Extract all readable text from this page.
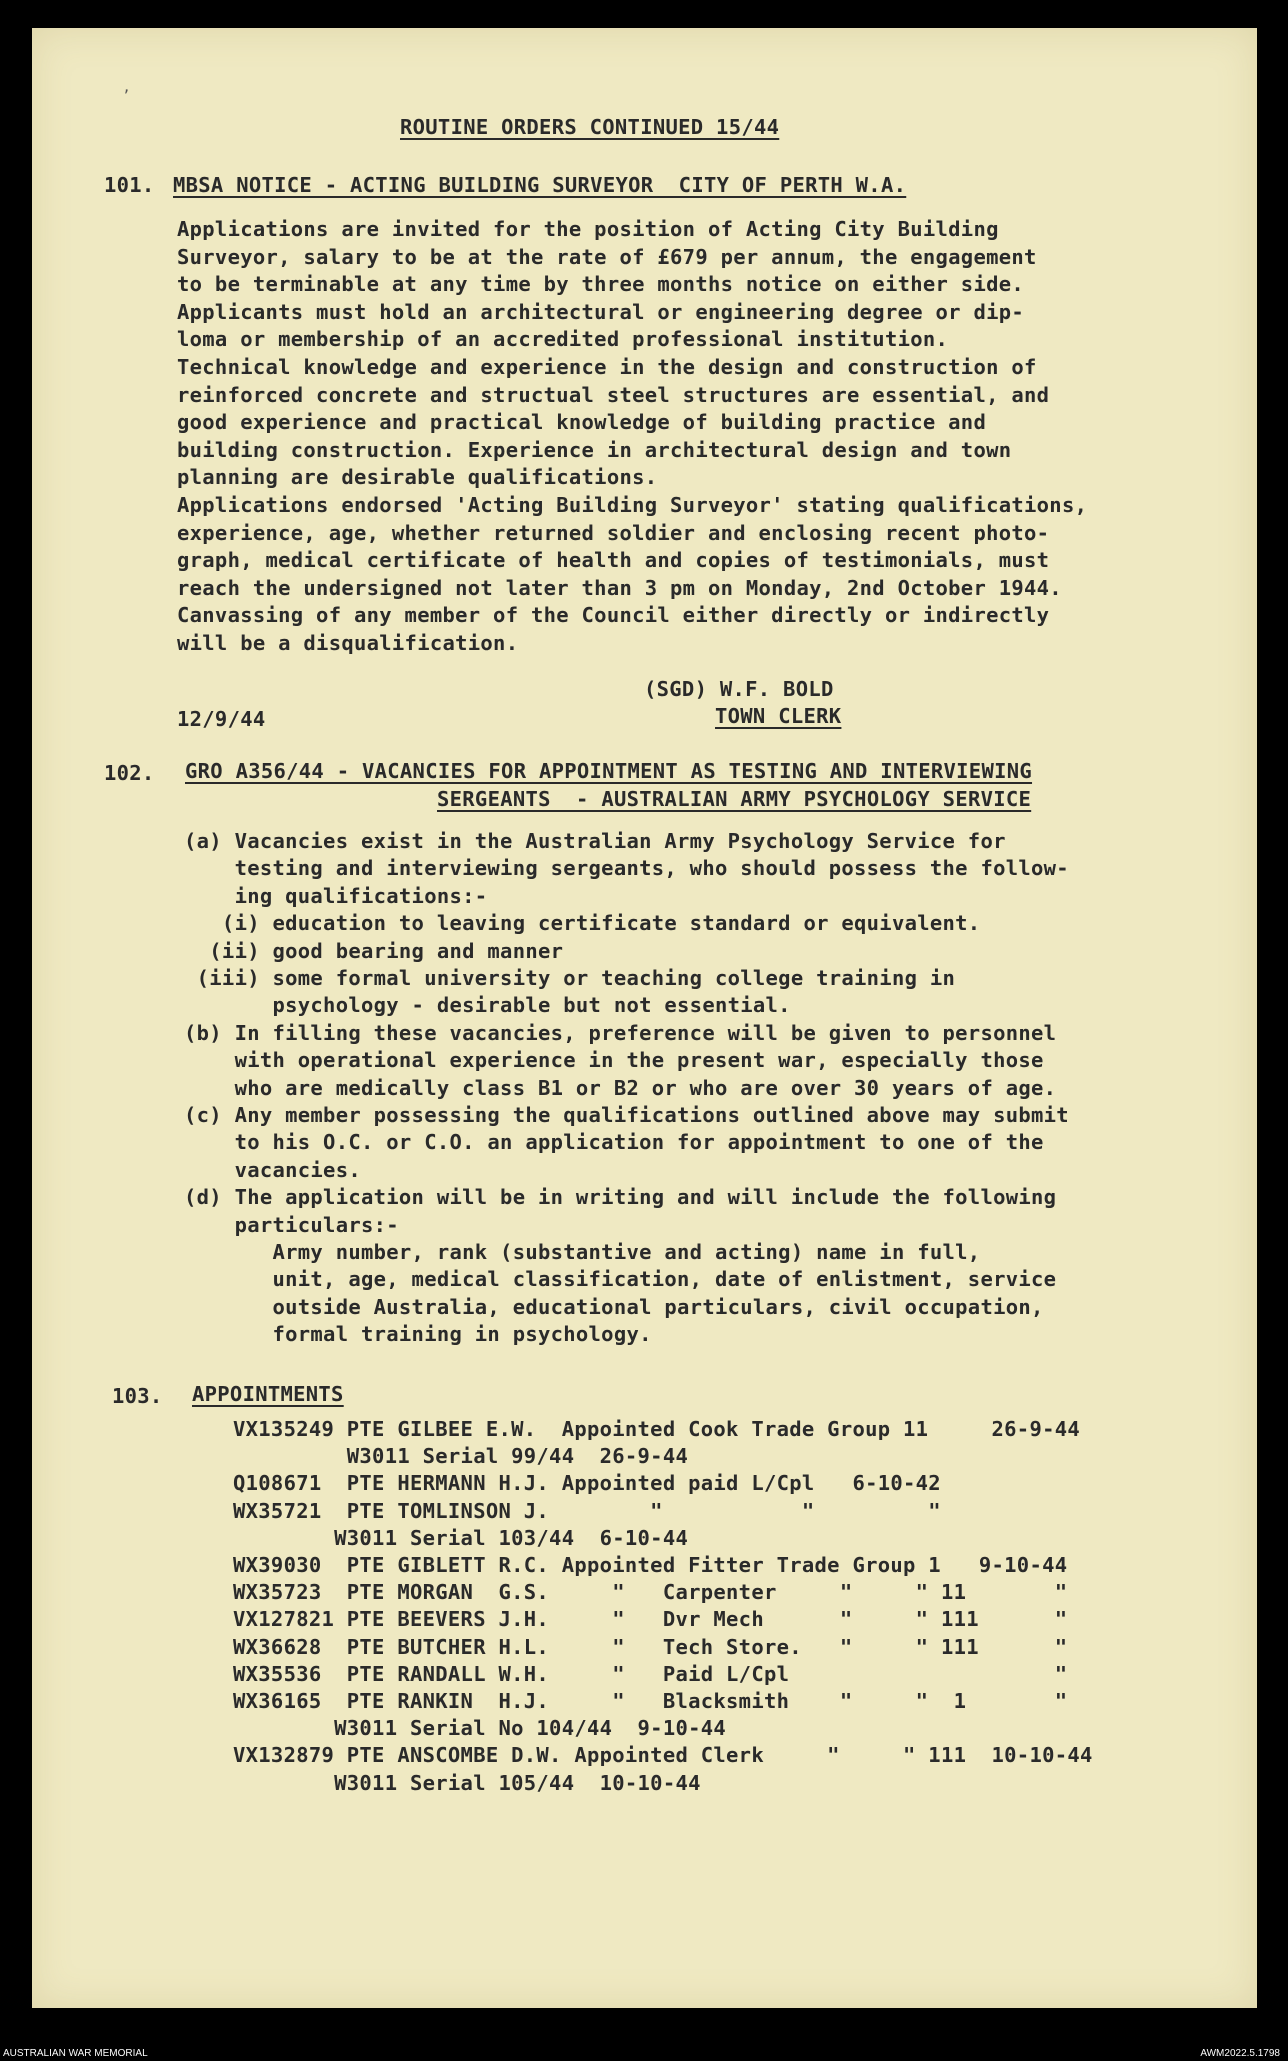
ʼ
ROUTINE ORDERS CONTINUED 15/44
101. MBSA NOTICE - ACTING BUILDING SURVEYOR  CITY OF PERTH W.A.
Applications are invited for the position of Acting City Building
Surveyor, salary to be at the rate of £679 per annum, the engagement
to be terminable at any time by three months notice on either side.
Applicants must hold an architectural or engineering degree or dip-
loma or membership of an accredited professional institution.
Technical knowledge and experience in the design and construction of
reinforced concrete and structual steel structures are essential, and
good experience and practical knowledge of building practice and
building construction. Experience in architectural design and town
planning are desirable qualifications.
Applications endorsed 'Acting Building Surveyor' stating qualifications,
experience, age, whether returned soldier and enclosing recent photo-
graph, medical certificate of health and copies of testimonials, must
reach the undersigned not later than 3 pm on Monday, 2nd October 1944.
Canvassing of any member of the Council either directly or indirectly
will be a disqualification.
(SGD) W.F. BOLD
12/9/44	TOWN CLERK
102. GRO A356/44 - VACANCIES FOR APPOINTMENT AS TESTING AND INTERVIEWING
SERGEANTS  - AUSTRALIAN ARMY PSYCHOLOGY SERVICE
(a) Vacancies exist in the Australian Army Psychology Service for
testing and interviewing sergeants, who should possess the follow-
ing qualifications:-
(i) education to leaving certificate standard or equivalent.
(ii) good bearing and manner
(iii) some formal university or teaching college training in
psychology - desirable but not essential.
(b) In filling these vacancies, preference will be given to personnel
with operational experience in the present war, especially those
who are medically class B1 or B2 or who are over 30 years of age.
(c) Any member possessing the qualifications outlined above may submit
to his O.C. or C.O. an application for appointment to one of the
vacancies.
(d) The application will be in writing and will include the following
particulars:-
Army number, rank (substantive and acting) name in full,
unit, age, medical classification, date of enlistment, service
outside Australia, educational particulars, civil occupation,
formal training in psychology.
103. APPOINTMENTS
VX135249 PTE GILBEE E.W.  Appointed Cook Trade Group 11     26-9-44
W3011 Serial 99/44  26-9-44
Q108671  PTE HERMANN H.J. Appointed paid L/Cpl   6-10-42
WX35721  PTE TOMLINSON J.        "           "         "
W3011 Serial 103/44  6-10-44
WX39030  PTE GIBLETT R.C. Appointed Fitter Trade Group 1   9-10-44
WX35723  PTE MORGAN  G.S.     "   Carpenter     "     " 11       "
VX127821 PTE BEEVERS J.H.     "   Dvr Mech      "     " 111      "
WX36628  PTE BUTCHER H.L.     "   Tech Store.   "     " 111      "
WX35536  PTE RANDALL W.H.     "   Paid L/Cpl                     "
WX36165  PTE RANKIN  H.J.     "   Blacksmith    "     "  1       "
W3011 Serial No 104/44  9-10-44
VX132879 PTE ANSCOMBE D.W. Appointed Clerk     "     " 111  10-10-44
W3011 Serial 105/44  10-10-44
AUSTRALIAN WAR MEMORIAL	AWM2022.5.1798
